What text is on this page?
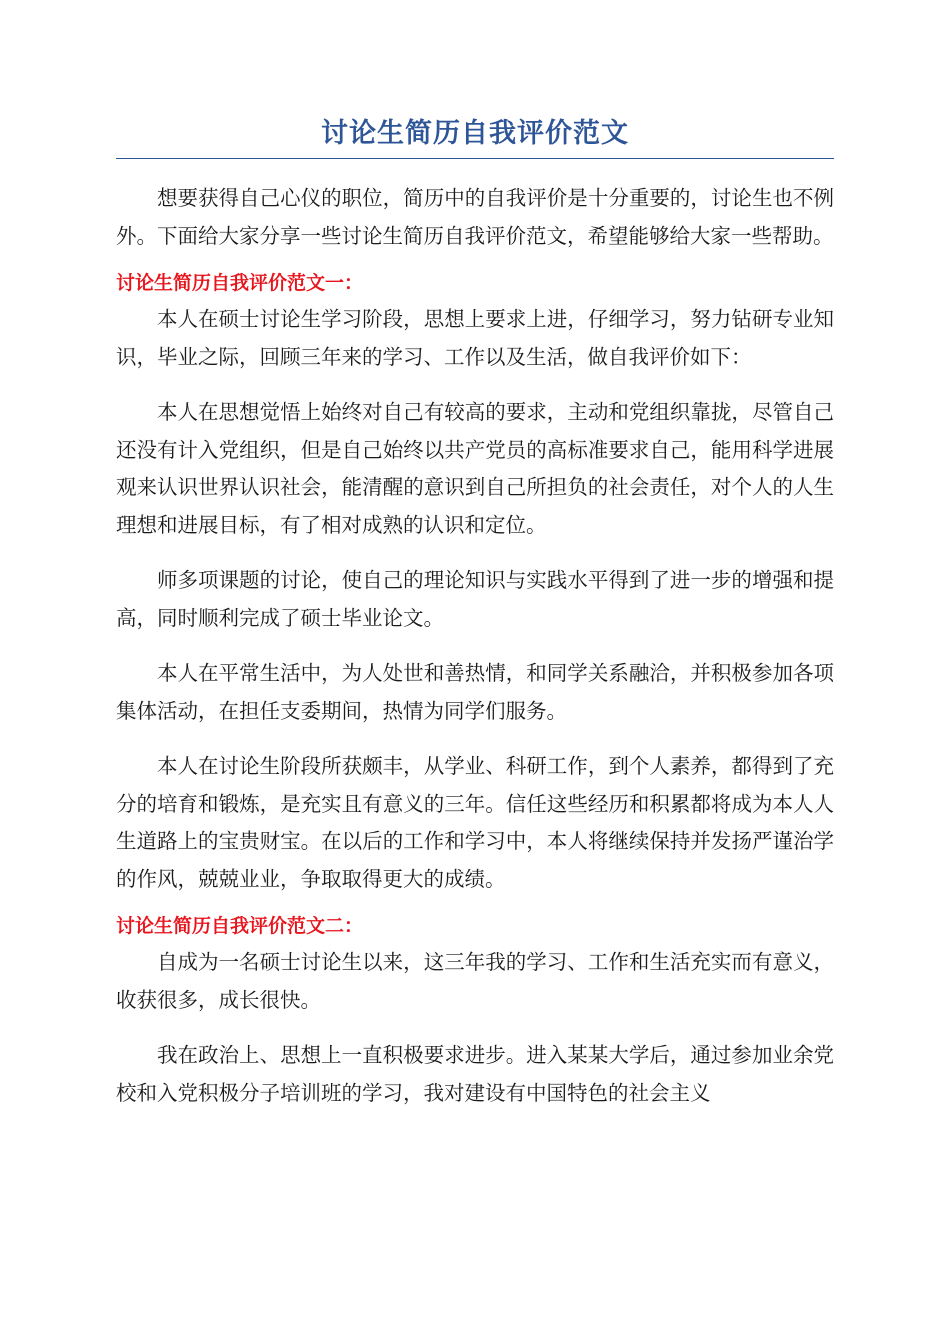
讨论生简历自我评价范文

想要获得自己心仪的职位，简历中的自我评价是十分重要的，讨论生也不例外。下面给大家分享一些讨论生简历自我评价范文，希望能够给大家一些帮助。

讨论生简历自我评价范文一：

本人在硕士讨论生学习阶段，思想上要求上进，仔细学习，努力钻研专业知识，毕业之际，回顾三年来的学习、工作以及生活，做自我评价如下：

本人在思想觉悟上始终对自己有较高的要求，主动和党组织靠拢，尽管自己还没有计入党组织，但是自己始终以共产党员的高标准要求自己，能用科学进展观来认识世界认识社会，能清醒的意识到自己所担负的社会责任，对个人的人生理想和进展目标，有了相对成熟的认识和定位。

师多项课题的讨论，使自己的理论知识与实践水平得到了进一步的增强和提高，同时顺利完成了硕士毕业论文。

本人在平常生活中，为人处世和善热情，和同学关系融洽，并积极参加各项集体活动，在担任支委期间，热情为同学们服务。

本人在讨论生阶段所获颇丰，从学业、科研工作，到个人素养，都得到了充分的培育和锻炼，是充实且有意义的三年。信任这些经历和积累都将成为本人人生道路上的宝贵财宝。在以后的工作和学习中，本人将继续保持并发扬严谨治学的作风，兢兢业业，争取取得更大的成绩。

讨论生简历自我评价范文二：

自成为一名硕士讨论生以来，这三年我的学习、工作和生活充实而有意义，收获很多，成长很快。

我在政治上、思想上一直积极要求进步。进入某某大学后，通过参加业余党校和入党积极分子培训班的学习，我对建设有中国特色的社会主义
